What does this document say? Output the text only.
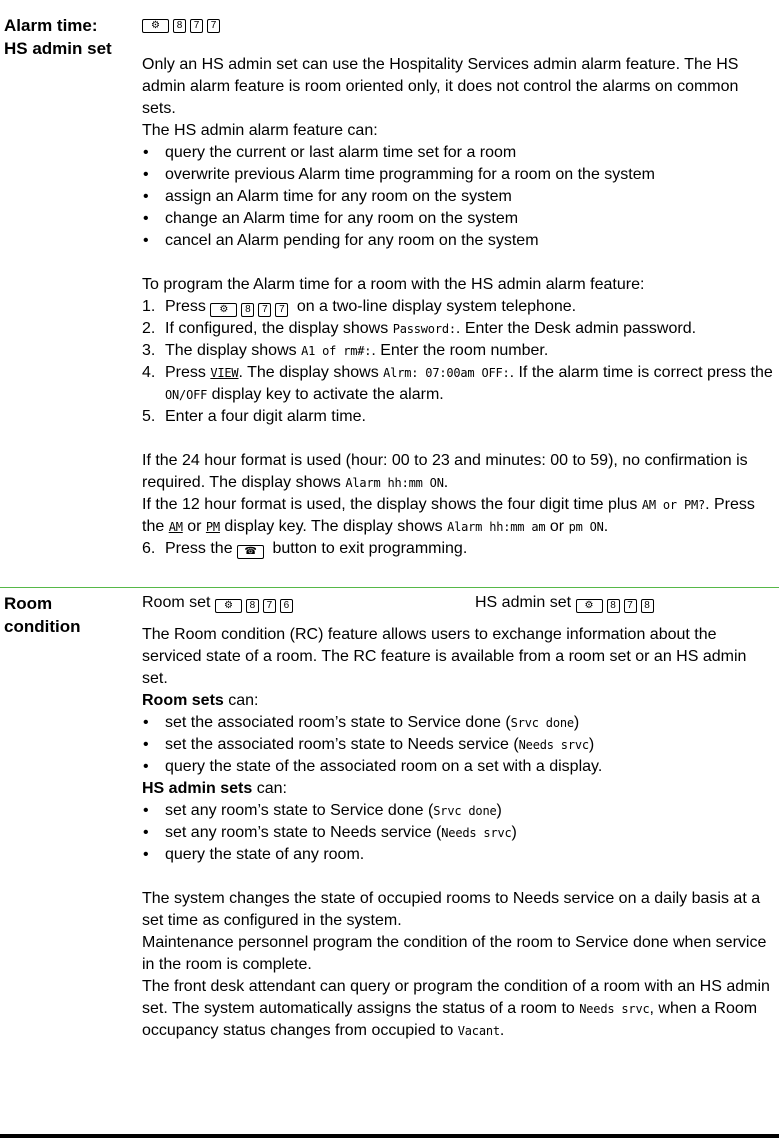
Alarm time:
HS admin set
⚙	8	7	7

Only an HS admin set can use the Hospitality Services admin alarm feature. The HS admin alarm feature is room oriented only, it does not control the alarms on common sets.

The HS admin alarm feature can:

• query the current or last alarm time set for a room
• overwrite previous Alarm time programming for a room on the system
• assign an Alarm time for any room on the system
• change an Alarm time for any room on the system
• cancel an Alarm pending for any room on the system

To program the Alarm time for a room with the HS admin alarm feature:

1. Press ⚙ 8 7 7 on a two-line display system telephone.
2. If configured, the display shows Password:. Enter the Desk admin password.
3. The display shows A1 of rm#:. Enter the room number.
4. Press VIEW. The display shows Alrm: 07:00am OFF:. If the alarm time is correct press the ON/OFF display key to activate the alarm.
5. Enter a four digit alarm time.

If the 24 hour format is used (hour: 00 to 23 and minutes: 00 to 59), no confirmation is required. The display shows Alarm hh:mm ON.

If the 12 hour format is used, the display shows the four digit time plus AM or PM?. Press the AM or PM display key. The display shows Alarm hh:mm am or pm ON.

6. Press the ☎ button to exit programming.
Room
condition
Room set ⚙ 8 7 6	HS admin set ⚙ 8 7 8

The Room condition (RC) feature allows users to exchange information about the serviced state of a room. The RC feature is available from a room set or an HS admin set.

Room sets can:

• set the associated room’s state to Service done (Srvc done)
• set the associated room’s state to Needs service (Needs srvc)
• query the state of the associated room on a set with a display.

HS admin sets can:

• set any room’s state to Service done (Srvc done)
• set any room’s state to Needs service (Needs srvc)
• query the state of any room.

The system changes the state of occupied rooms to Needs service on a daily basis at a set time as configured in the system.

Maintenance personnel program the condition of the room to Service done when service in the room is complete.

The front desk attendant can query or program the condition of a room with an HS admin set. The system automatically assigns the status of a room to Needs srvc, when a Room occupancy status changes from occupied to Vacant.
